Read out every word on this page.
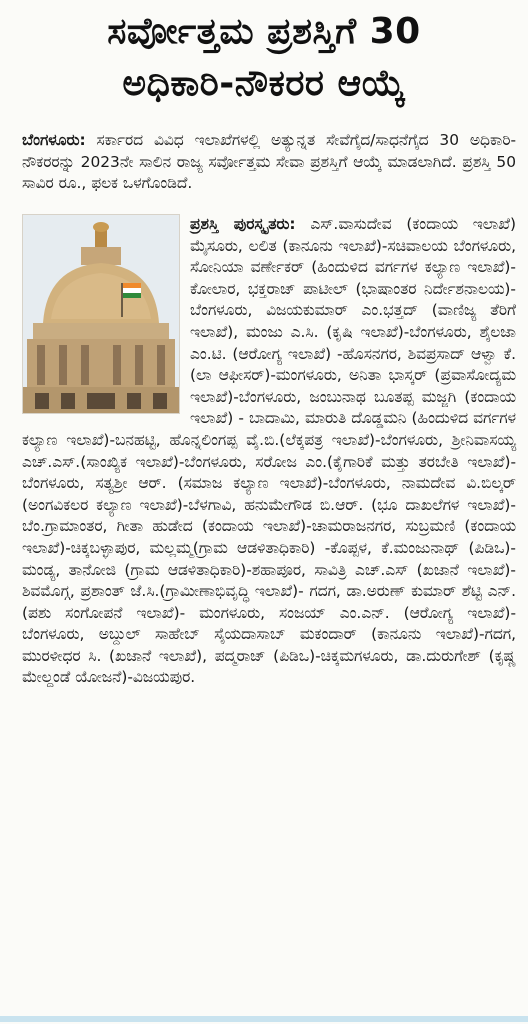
ಸರ್ವೋತ್ತಮ ಪ್ರಶಸ್ತಿಗೆ 30
ಅಧಿಕಾರಿ-ನೌಕರರ ಆಯ್ಕೆ

ಬೆಂಗಳೂರು: ಸರ್ಕಾರದ ವಿವಿಧ ಇಲಾಖೆಗಳಲ್ಲಿ ಅತ್ಯುನ್ನತ ಸೇವೆಗೈದ/ಸಾಧನೆಗೈದ 30 ಅಧಿಕಾರಿ-ನೌಕರರನ್ನು 2023ನೇ ಸಾಲಿನ ರಾಜ್ಯ ಸರ್ವೋತ್ತಮ ಸೇವಾ ಪ್ರಶಸ್ತಿಗೆ ಆಯ್ಕೆ ಮಾಡಲಾಗಿದೆ. ಪ್ರಶಸ್ತಿ 50 ಸಾವಿರ ರೂ., ಫಲಕ ಒಳಗೊಂಡಿದೆ.

ಪ್ರಶಸ್ತಿ ಪುರಸ್ಕೃತರು: ಎಸ್.ವಾಸುದೇವ (ಕಂದಾಯ ಇಲಾಖೆ) ಮೈಸೂರು, ಲಲಿತ (ಕಾನೂನು ಇಲಾಖೆ)-ಸಚಿವಾಲಯ ಬೆಂಗಳೂರು, ಸೋನಿಯಾ ವರ್ಣೇಕರ್ (ಹಿಂದುಳಿದ ವರ್ಗಗಳ ಕಲ್ಯಾಣ ಇಲಾಖೆ)-ಕೋಲಾರ, ಭಕ್ತರಾಜ್ ಪಾಟೀಲ್ (ಭಾಷಾಂತರ ನಿರ್ದೇಶನಾಲಯ)-ಬೆಂಗಳೂರು, ವಿಜಯಕುಮಾರ್ ಎಂ.ಭತ್ತದ್ (ವಾಣಿಜ್ಯ ತೆರಿಗೆ ಇಲಾಖೆ), ಮಂಜು ಎ.ಸಿ. (ಕೃಷಿ ಇಲಾಖೆ)-ಬೆಂಗಳೂರು, ಶೈಲಜಾ ಎಂ.ಟಿ. (ಆರೋಗ್ಯ ಇಲಾಖೆ) -ಹೊಸನಗರ, ಶಿವಪ್ರಸಾದ್ ಆಳ್ವಾ ಕೆ.(ಲಾ ಆಫೀಸರ್)-ಮಂಗಳೂರು, ಅನಿತಾ ಭಾಸ್ಕರ್ (ಪ್ರವಾಸೋದ್ಯಮ ಇಲಾಖೆ)-ಬೆಂಗಳೂರು, ಜಂಬುನಾಥ ಬೂತಪ್ಪ ಮಜ್ಜಗಿ (ಕಂದಾಯ ಇಲಾಖೆ) - ಬಾದಾಮಿ, ಮಾರುತಿ ದೊಡ್ಡಮನಿ (ಹಿಂದುಳಿದ ವರ್ಗಗಳ ಕಲ್ಯಾಣ ಇಲಾಖೆ)-ಬನಹಟ್ಟಿ, ಹೊನ್ನಲಿಂಗಪ್ಪ ವೈ.ಬಿ.(ಲೆಕ್ಕಪತ್ರ ಇಲಾಖೆ)-ಬೆಂಗಳೂರು, ಶ್ರೀನಿವಾಸಯ್ಯ ಎಚ್.ಎಸ್.(ಸಾಂಖ್ಯಿಕ ಇಲಾಖೆ)-ಬೆಂಗಳೂರು, ಸರೋಜ ಎಂ.(ಕೈಗಾರಿಕೆ ಮತ್ತು ತರಬೇತಿ ಇಲಾಖೆ)-ಬೆಂಗಳೂರು, ಸತ್ಯಶ್ರೀ ಆರ್. (ಸಮಾಜ ಕಲ್ಯಾಣ ಇಲಾಖೆ)-ಬೆಂಗಳೂರು, ನಾಮದೇವ ವಿ.ಬಿಲ್ಕರ್ (ಅಂಗವಿಕಲರ ಕಲ್ಯಾಣ ಇಲಾಖೆ)-ಬೆಳಗಾವಿ, ಹನುಮೇಗೌಡ ಬಿ.ಆರ್. (ಭೂ ದಾಖಲೆಗಳ ಇಲಾಖೆ)-ಬೆಂ.ಗ್ರಾಮಾಂತರ, ಗೀತಾ ಹುಡೇದ (ಕಂದಾಯ ಇಲಾಖೆ)-ಚಾಮರಾಜನಗರ, ಸುಬ್ರಮಣಿ (ಕಂದಾಯ ಇಲಾಖೆ)-ಚಿಕ್ಕಬಳ್ಳಾಪುರ, ಮಲ್ಲಮ್ಮ(ಗ್ರಾಮ ಆಡಳಿತಾಧಿಕಾರಿ) -ಕೊಪ್ಪಳ, ಕೆ.ಮಂಜುನಾಥ್ (ಪಿಡಿಒ)-ಮಂಡ್ಯ, ತಾನೋಜಿ (ಗ್ರಾಮ ಆಡಳಿತಾಧಿಕಾರಿ)-ಶಹಾಪೂರ, ಸಾವಿತ್ರಿ ಎಚ್.ಎಸ್ (ಖಜಾನೆ ಇಲಾಖೆ)-ಶಿವಮೊಗ್ಗ, ಪ್ರಶಾಂತ್ ಜೆ.ಸಿ.(ಗ್ರಾಮೀಣಾಭಿವೃದ್ಧಿ ಇಲಾಖೆ)- ಗದಗ, ಡಾ.ಅರುಣ್ ಕುಮಾರ್ ಶೆಟ್ಟಿ ಎನ್.(ಪಶು ಸಂಗೋಪನೆ ಇಲಾಖೆ)- ಮಂಗಳೂರು, ಸಂಜಯ್ ಎಂ.ಎನ್. (ಆರೋಗ್ಯ ಇಲಾಖೆ)- ಬೆಂಗಳೂರು, ಅಬ್ದುಲ್ ಸಾಹೇಬ್ ಸೈಯದಾಸಾಬ್ ಮಕಂದಾರ್ (ಕಾನೂನು ಇಲಾಖೆ)-ಗದಗ, ಮುರಳೀಧರ ಸಿ. (ಖಜಾನೆ ಇಲಾಖೆ), ಪದ್ಮರಾಜ್ (ಪಿಡಿಒ)-ಚಿಕ್ಕಮಗಳೂರು, ಡಾ.ದುರುಗೇಶ್ (ಕೃಷ್ಣ ಮೇಲ್ದಂಡೆ ಯೋಜನೆ)-ವಿಜಯಪುರ.
